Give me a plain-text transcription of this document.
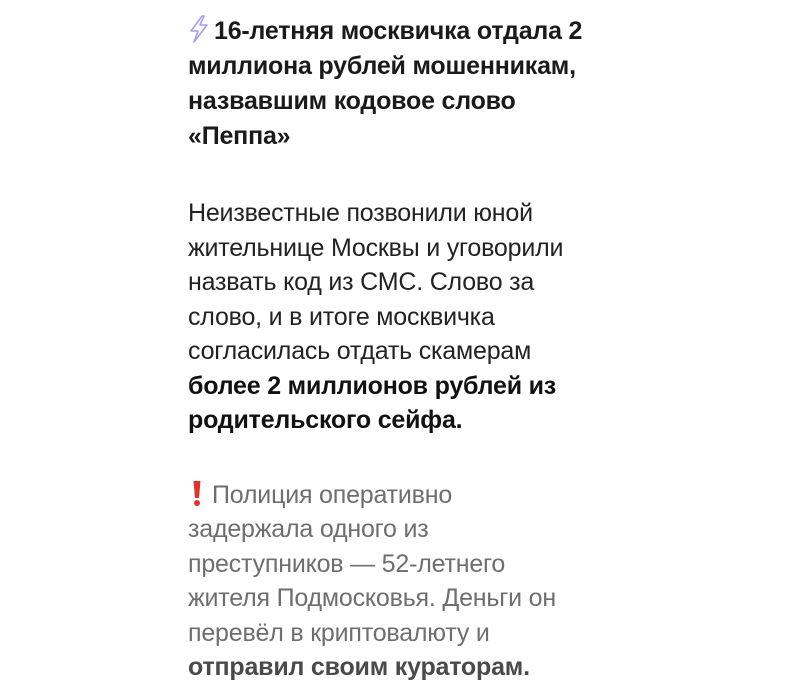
16-летняя москвичка отдала 2
миллиона рублей мошенникам,
назвавшим кодовое слово
«Пеппа»

Неизвестные позвонили юной
жительнице Москвы и уговорили
назвать код из СМС. Слово за
слово, и в итоге москвичка
согласилась отдать скамерам
более 2 миллионов рублей из
родительского сейфа.

Полиция оперативно
задержала одного из
преступников — 52-летнего
жителя Подмосковья. Деньги он
перевёл в криптовалюту и
отправил своим кураторам.
